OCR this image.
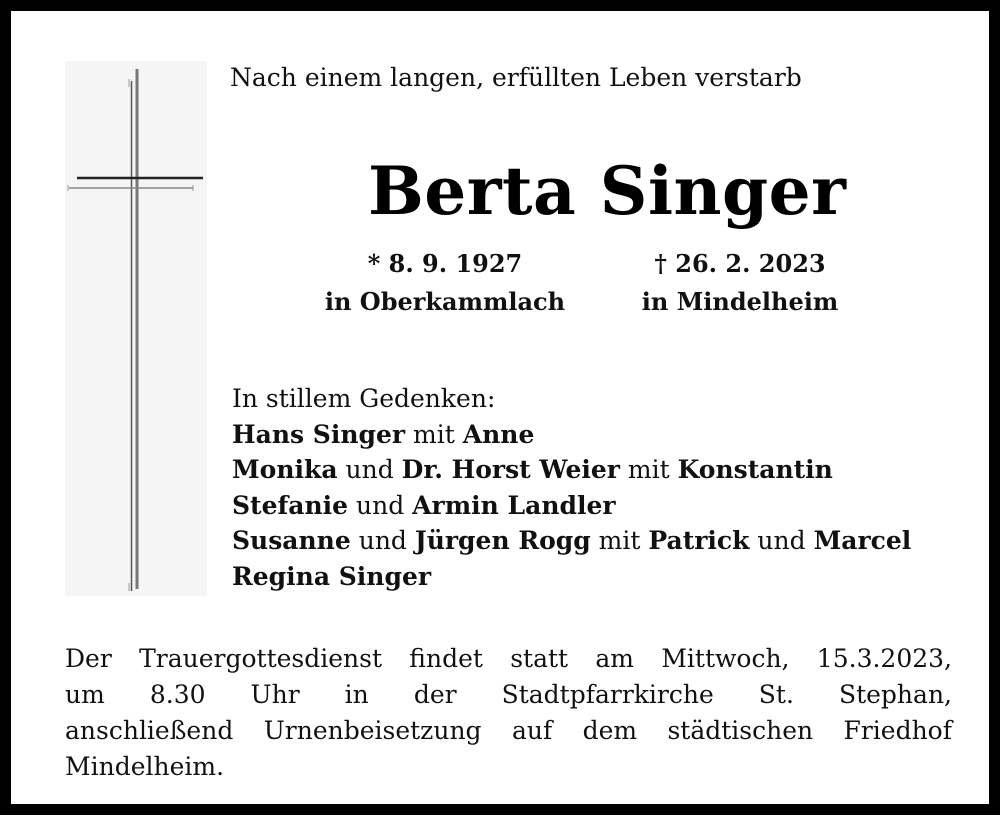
Nach einem langen, erfüllten Leben verstarb
Berta Singer
* 8. 9. 1927
in Oberkammlach
† 26. 2. 2023
in Mindelheim
In stillem Gedenken:
Hans Singer mit Anne
Monika und Dr. Horst Weier mit Konstantin
Stefanie und Armin Landler
Susanne und Jürgen Rogg mit Patrick und Marcel
Regina Singer
Der Trauergottesdienst findet statt am Mittwoch, 15.3.2023,
um 8.30 Uhr in der Stadtpfarrkirche St. Stephan,
anschließend Urnenbeisetzung auf dem städtischen Friedhof
Mindelheim.
